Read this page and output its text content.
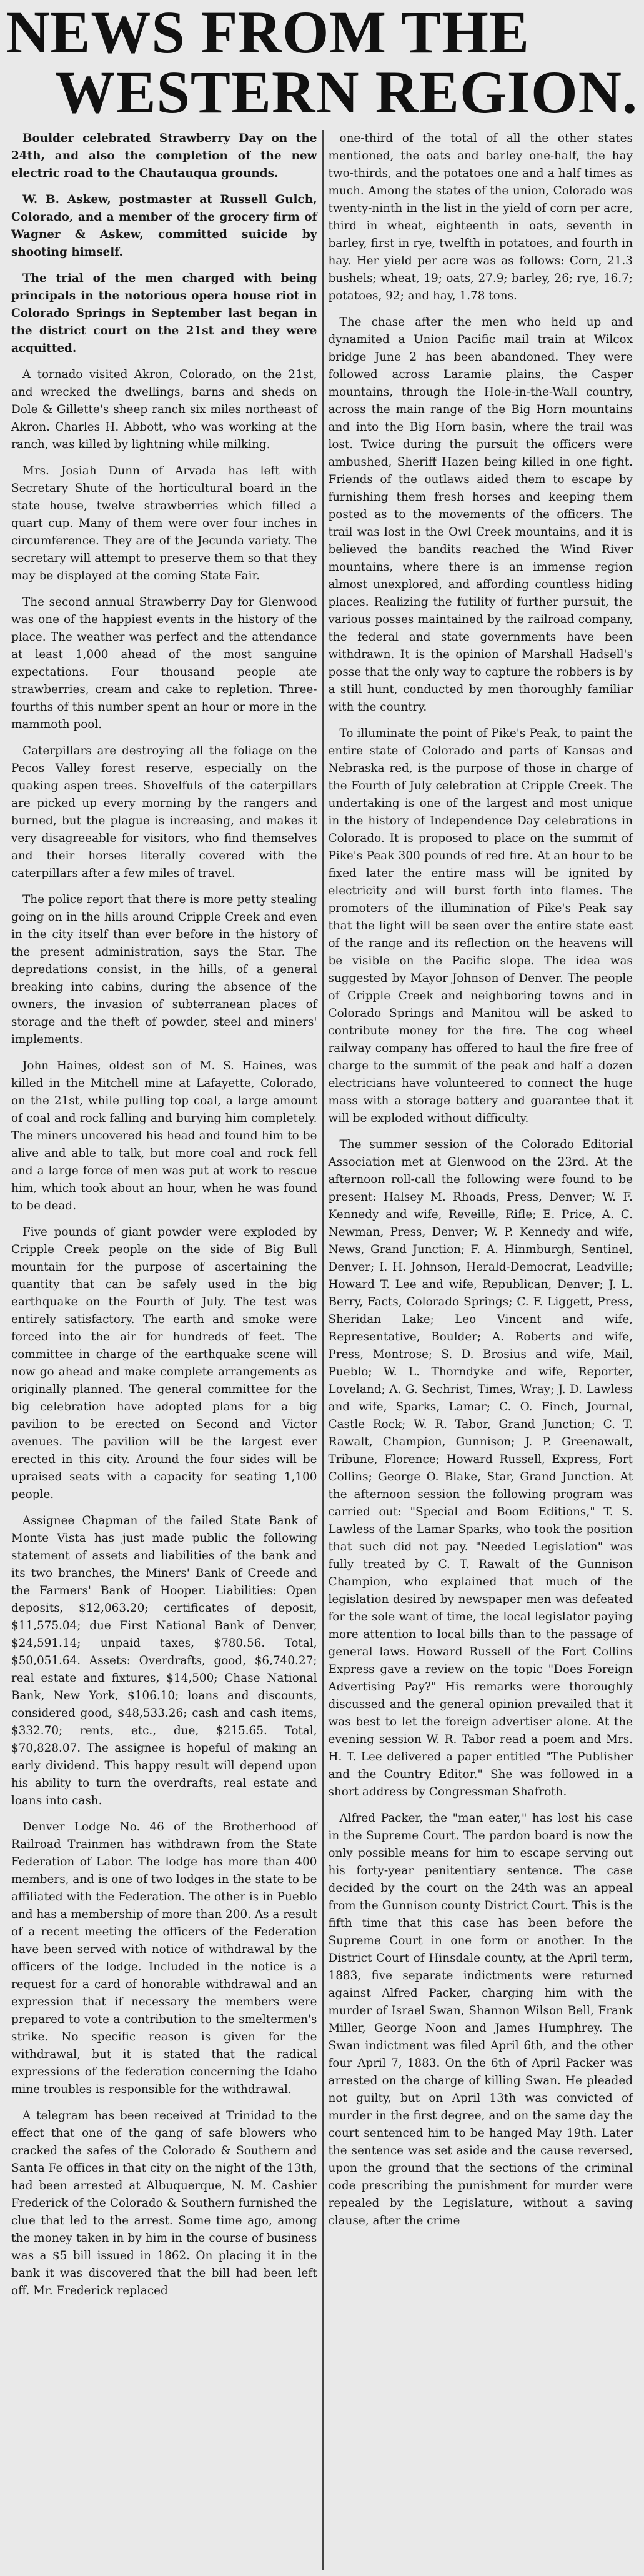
NEWS FROM THE
WESTERN REGION.

Boulder celebrated Strawberry Day on the 24th, and also the completion of the new electric road to the Chautauqua grounds.

W. B. Askew, postmaster at Russell Gulch, Colorado, and a member of the grocery firm of Wagner & Askew, committed suicide by shooting himself.

The trial of the men charged with being principals in the notorious opera house riot in Colorado Springs in September last began in the district court on the 21st and they were acquitted.

A tornado visited Akron, Colorado, on the 21st, and wrecked the dwellings, barns and sheds on Dole & Gillette's sheep ranch six miles northeast of Akron. Charles H. Abbott, who was working at the ranch, was killed by lightning while milking.

Mrs. Josiah Dunn of Arvada has left with Secretary Shute of the horticultural board in the state house, twelve strawberries which filled a quart cup. Many of them were over four inches in circumference. They are of the Jecunda variety. The secretary will attempt to preserve them so that they may be displayed at the coming State Fair.

The second annual Strawberry Day for Glenwood was one of the happiest events in the history of the place. The weather was perfect and the attendance at least 1,000 ahead of the most sanguine expectations. Four thousand people ate strawberries, cream and cake to repletion. Three-fourths of this number spent an hour or more in the mammoth pool.

Caterpillars are destroying all the foliage on the Pecos Valley forest reserve, especially on the quaking aspen trees. Shovelfuls of the caterpillars are picked up every morning by the rangers and burned, but the plague is increasing, and makes it very disagreeable for visitors, who find themselves and their horses literally covered with the caterpillars after a few miles of travel.

The police report that there is more petty stealing going on in the hills around Cripple Creek and even in the city itself than ever before in the history of the present administration, says the Star. The depredations consist, in the hills, of a general breaking into cabins, during the absence of the owners, the invasion of subterranean places of storage and the theft of powder, steel and miners' implements.

John Haines, oldest son of M. S. Haines, was killed in the Mitchell mine at Lafayette, Colorado, on the 21st, while pulling top coal, a large amount of coal and rock falling and burying him completely. The miners uncovered his head and found him to be alive and able to talk, but more coal and rock fell and a large force of men was put at work to rescue him, which took about an hour, when he was found to be dead.

Five pounds of giant powder were exploded by Cripple Creek people on the side of Big Bull mountain for the purpose of ascertaining the quantity that can be safely used in the big earthquake on the Fourth of July. The test was entirely satisfactory. The earth and smoke were forced into the air for hundreds of feet. The committee in charge of the earthquake scene will now go ahead and make complete arrangements as originally planned. The general committee for the big celebration have adopted plans for a big pavilion to be erected on Second and Victor avenues. The pavilion will be the largest ever erected in this city. Around the four sides will be upraised seats with a capacity for seating 1,100 people.

Assignee Chapman of the failed State Bank of Monte Vista has just made public the following statement of assets and liabilities of the bank and its two branches, the Miners' Bank of Creede and the Farmers' Bank of Hooper. Liabilities: Open deposits, $12,063.20; certificates of deposit, $11,575.04; due First National Bank of Denver, $24,591.14; unpaid taxes, $780.56. Total, $50,051.64. Assets: Overdrafts, good, $6,740.27; real estate and fixtures, $14,500; Chase National Bank, New York, $106.10; loans and discounts, considered good, $48,533.26; cash and cash items, $332.70; rents, etc., due, $215.65. Total, $70,828.07. The assignee is hopeful of making an early dividend. This happy result will depend upon his ability to turn the overdrafts, real estate and loans into cash.

Denver Lodge No. 46 of the Brotherhood of Railroad Trainmen has withdrawn from the State Federation of Labor. The lodge has more than 400 members, and is one of two lodges in the state to be affiliated with the Federation. The other is in Pueblo and has a membership of more than 200. As a result of a recent meeting the officers of the Federation have been served with notice of withdrawal by the officers of the lodge. Included in the notice is a request for a card of honorable withdrawal and an expression that if necessary the members were prepared to vote a contribution to the smeltermen's strike. No specific reason is given for the withdrawal, but it is stated that the radical expressions of the federation concerning the Idaho mine troubles is responsible for the withdrawal.

A telegram has been received at Trinidad to the effect that one of the gang of safe blowers who cracked the safes of the Colorado & Southern and Santa Fe offices in that city on the night of the 13th, had been arrested at Albuquerque, N. M. Cashier Frederick of the Colorado & Southern furnished the clue that led to the arrest. Some time ago, among the money taken in by him in the course of business was a $5 bill issued in 1862. On placing it in the bank it was discovered that the bill had been left off. Mr. Frederick replaced

one-third of the total of all the other states mentioned, the oats and barley one-half, the hay two-thirds, and the potatoes one and a half times as much. Among the states of the union, Colorado was twenty-ninth in the list in the yield of corn per acre, third in wheat, eighteenth in oats, seventh in barley, first in rye, twelfth in potatoes, and fourth in hay. Her yield per acre was as follows: Corn, 21.3 bushels; wheat, 19; oats, 27.9; barley, 26; rye, 16.7; potatoes, 92; and hay, 1.78 tons.

The chase after the men who held up and dynamited a Union Pacific mail train at Wilcox bridge June 2 has been abandoned. They were followed across Laramie plains, the Casper mountains, through the Hole-in-the-Wall country, across the main range of the Big Horn mountains and into the Big Horn basin, where the trail was lost. Twice during the pursuit the officers were ambushed, Sheriff Hazen being killed in one fight. Friends of the outlaws aided them to escape by furnishing them fresh horses and keeping them posted as to the movements of the officers. The trail was lost in the Owl Creek mountains, and it is believed the bandits reached the Wind River mountains, where there is an immense region almost unexplored, and affording countless hiding places. Realizing the futility of further pursuit, the various posses maintained by the railroad company, the federal and state governments have been withdrawn. It is the opinion of Marshall Hadsell's posse that the only way to capture the robbers is by a still hunt, conducted by men thoroughly familiar with the country.

To illuminate the point of Pike's Peak, to paint the entire state of Colorado and parts of Kansas and Nebraska red, is the purpose of those in charge of the Fourth of July celebration at Cripple Creek. The undertaking is one of the largest and most unique in the history of Independence Day celebrations in Colorado. It is proposed to place on the summit of Pike's Peak 300 pounds of red fire. At an hour to be fixed later the entire mass will be ignited by electricity and will burst forth into flames. The promoters of the illumination of Pike's Peak say that the light will be seen over the entire state east of the range and its reflection on the heavens will be visible on the Pacific slope. The idea was suggested by Mayor Johnson of Denver. The people of Cripple Creek and neighboring towns and in Colorado Springs and Manitou will be asked to contribute money for the fire. The cog wheel railway company has offered to haul the fire free of charge to the summit of the peak and half a dozen electricians have volunteered to connect the huge mass with a storage battery and guarantee that it will be exploded without difficulty.

The summer session of the Colorado Editorial Association met at Glenwood on the 23rd. At the afternoon roll-call the following were found to be present: Halsey M. Rhoads, Press, Denver; W. F. Kennedy and wife, Reveille, Rifle; E. Price, A. C. Newman, Press, Denver; W. P. Kennedy and wife, News, Grand Junction; F. A. Hinmburgh, Sentinel, Denver; I. H. Johnson, Herald-Democrat, Leadville; Howard T. Lee and wife, Republican, Denver; J. L. Berry, Facts, Colorado Springs; C. F. Liggett, Press, Sheridan Lake; Leo Vincent and wife, Representative, Boulder; A. Roberts and wife, Press, Montrose; S. D. Brosius and wife, Mail, Pueblo; W. L. Thorndyke and wife, Reporter, Loveland; A. G. Sechrist, Times, Wray; J. D. Lawless and wife, Sparks, Lamar; C. O. Finch, Journal, Castle Rock; W. R. Tabor, Grand Junction; C. T. Rawalt, Champion, Gunnison; J. P. Greenawalt, Tribune, Florence; Howard Russell, Express, Fort Collins; George O. Blake, Star, Grand Junction. At the afternoon session the following program was carried out: "Special and Boom Editions," T. S. Lawless of the Lamar Sparks, who took the position that such did not pay. "Needed Legislation" was fully treated by C. T. Rawalt of the Gunnison Champion, who explained that much of the legislation desired by newspaper men was defeated for the sole want of time, the local legislator paying more attention to local bills than to the passage of general laws. Howard Russell of the Fort Collins Express gave a review on the topic "Does Foreign Advertising Pay?" His remarks were thoroughly discussed and the general opinion prevailed that it was best to let the foreign advertiser alone. At the evening session W. R. Tabor read a poem and Mrs. H. T. Lee delivered a paper entitled "The Publisher and the Country Editor." She was followed in a short address by Congressman Shafroth.

Alfred Packer, the "man eater," has lost his case in the Supreme Court. The pardon board is now the only possible means for him to escape serving out his forty-year penitentiary sentence. The case decided by the court on the 24th was an appeal from the Gunnison county District Court. This is the fifth time that this case has been before the Supreme Court in one form or another. In the District Court of Hinsdale county, at the April term, 1883, five separate indictments were returned against Alfred Packer, charging him with the murder of Israel Swan, Shannon Wilson Bell, Frank Miller, George Noon and James Humphrey. The Swan indictment was filed April 6th, and the other four April 7, 1883. On the 6th of April Packer was arrested on the charge of killing Swan. He pleaded not guilty, but on April 13th was convicted of murder in the first degree, and on the same day the court sentenced him to be hanged May 19th. Later the sentence was set aside and the cause reversed, upon the ground that the sections of the criminal code prescribing the punishment for murder were repealed by the Legislature, without a saving clause, after the crime
